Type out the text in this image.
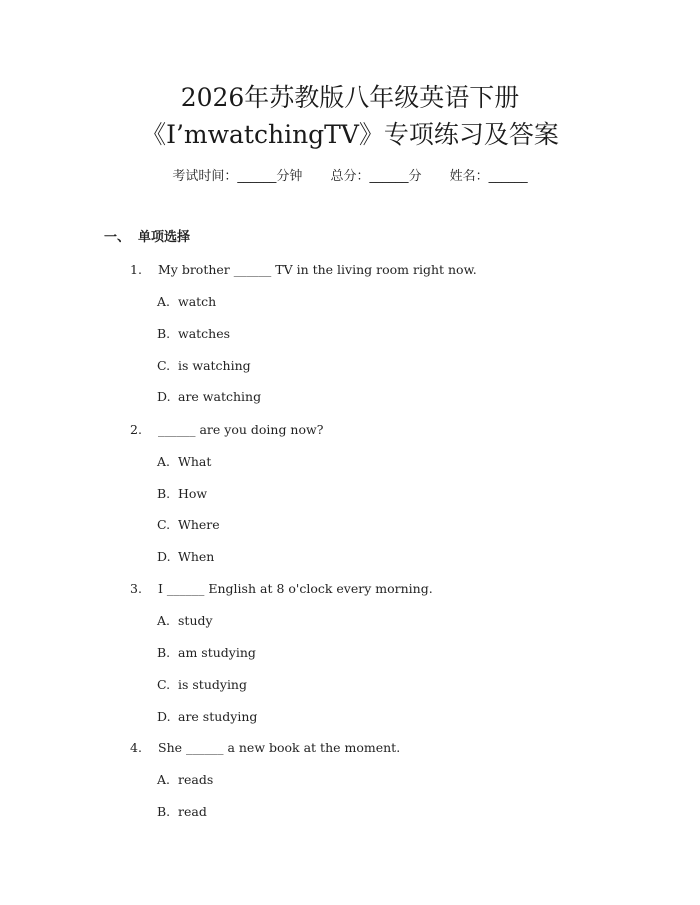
2026年苏教版八年级英语下册
《I’mwatchingTV》专项练习及答案
考试时间：______分钟 总分：______分 姓名：______
一、 单项选择
1. My brother ______ TV in the living room right now.
A. watch
B. watches
C. is watching
D. are watching
2. ______ are you doing now?
A. What
B. How
C. Where
D. When
3. I ______ English at 8 o'clock every morning.
A. study
B. am studying
C. is studying
D. are studying
4. She ______ a new book at the moment.
A. reads
B. read
